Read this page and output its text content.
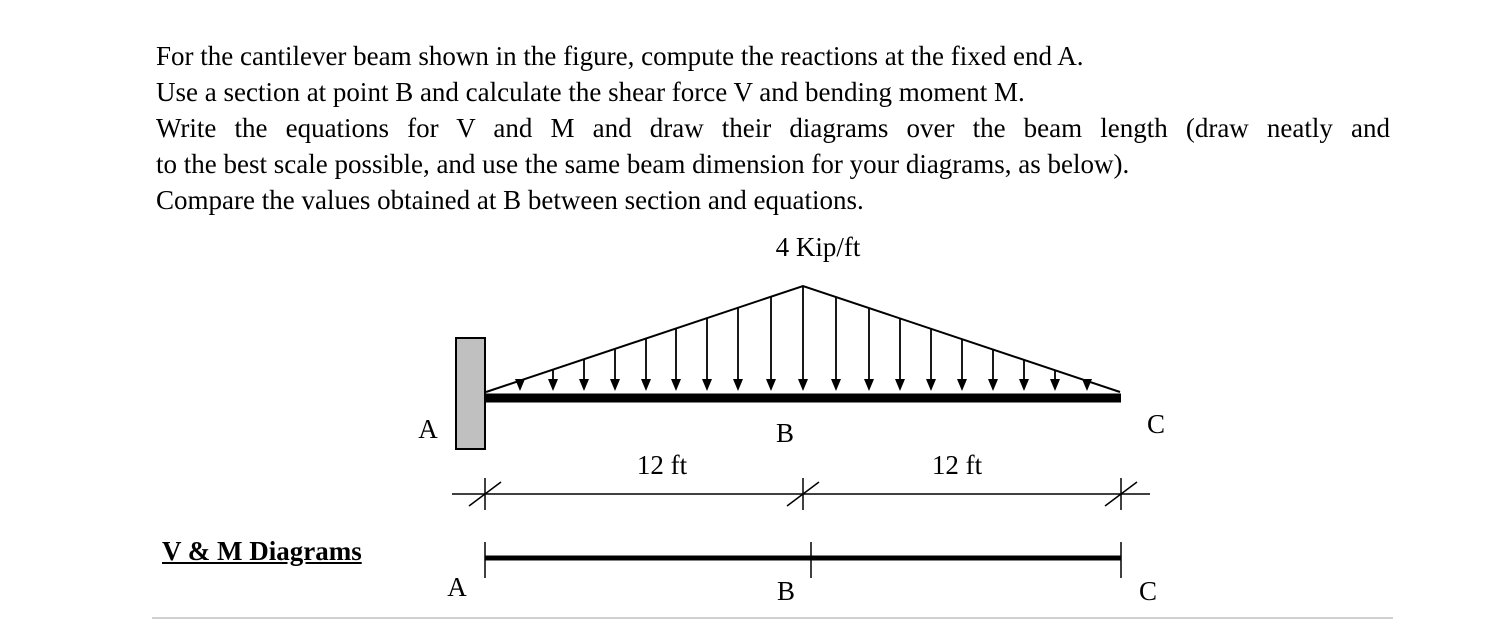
For the cantilever beam shown in the figure, compute the reactions at the fixed end A.
Use a section at point B and calculate the shear force V and bending moment M.
Write the equations for V and M and draw their diagrams over the beam length (draw neatly and
to the best scale possible, and use the same beam dimension for your diagrams, as below).
Compare the values obtained at B between section and equations.
4 Kip/ft
A	B	C
12 ft	12 ft
A	B	C
V & M Diagrams
